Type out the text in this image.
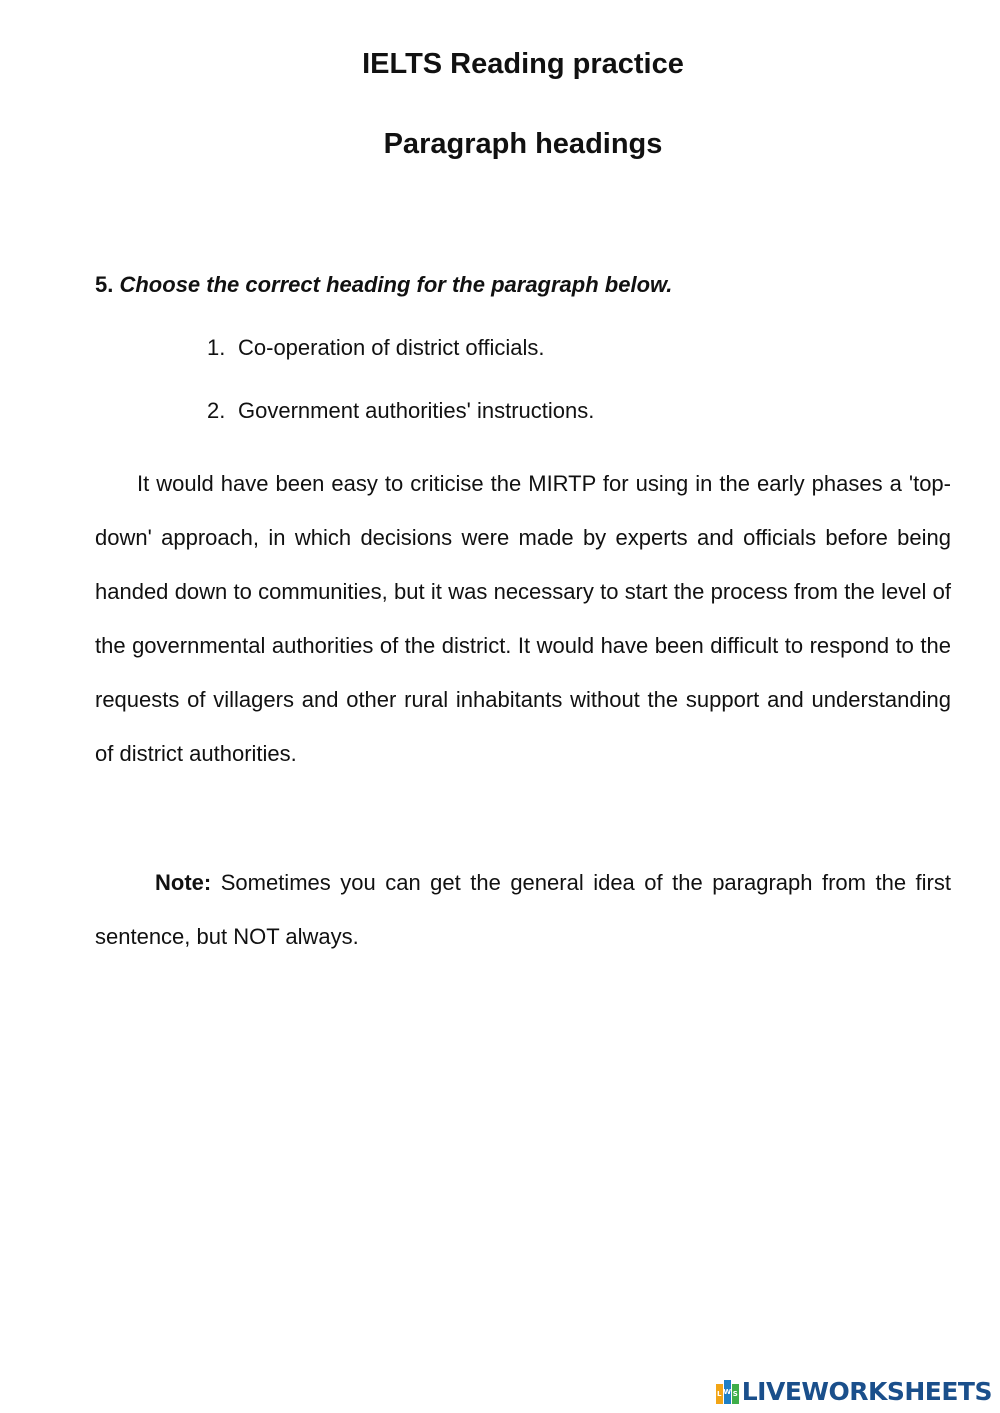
IELTS Reading practice
Paragraph headings

5. Choose the correct heading for the paragraph below.

1. Co-operation of district officials.
2. Government authorities' instructions.

It would have been easy to criticise the MIRTP for using in the early phases a 'top-down' approach, in which decisions were made by experts and officials before being handed down to communities, but it was necessary to start the process from the level of the governmental authorities of the district. It would have been difficult to respond to the requests of villagers and other rural inhabitants without the support and understanding of district authorities.

Note: Sometimes you can get the general idea of the paragraph from the first sentence, but NOT always.

L W S LIVEWORKSHEETS
